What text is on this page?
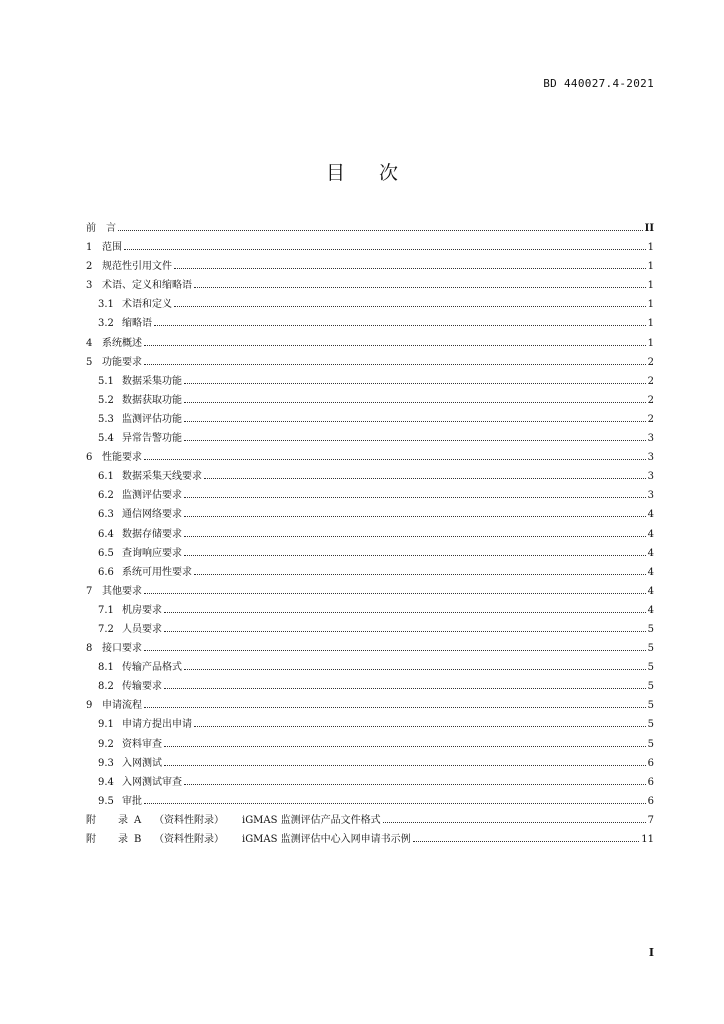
BD 440027.4-2021
目 次
前　言	II
1 范围	1
2 规范性引用文件	1
3 术语、定义和缩略语	1
3.1 术语和定义	1
3.2 缩略语	1
4 系统概述	1
5 功能要求	2
5.1 数据采集功能	2
5.2 数据获取功能	2
5.3 监测评估功能	2
5.4 异常告警功能	3
6 性能要求	3
6.1 数据采集天线要求	3
6.2 监测评估要求	3
6.3 通信网络要求	4
6.4 数据存储要求	4
6.5 查询响应要求	4
6.6 系统可用性要求	4
7 其他要求	4
7.1 机房要求	4
7.2 人员要求	5
8 接口要求	5
8.1 传输产品格式	5
8.2 传输要求	5
9 申请流程	5
9.1 申请方提出申请	5
9.2 资料审查	5
9.3 入网测试	6
9.4 入网测试审查	6
9.5 审批	6
附　录 A	（资料性附录）	iGMAS 监测评估产品文件格式	7
附　录 B	（资料性附录）	iGMAS 监测评估中心入网申请书示例	11
I
